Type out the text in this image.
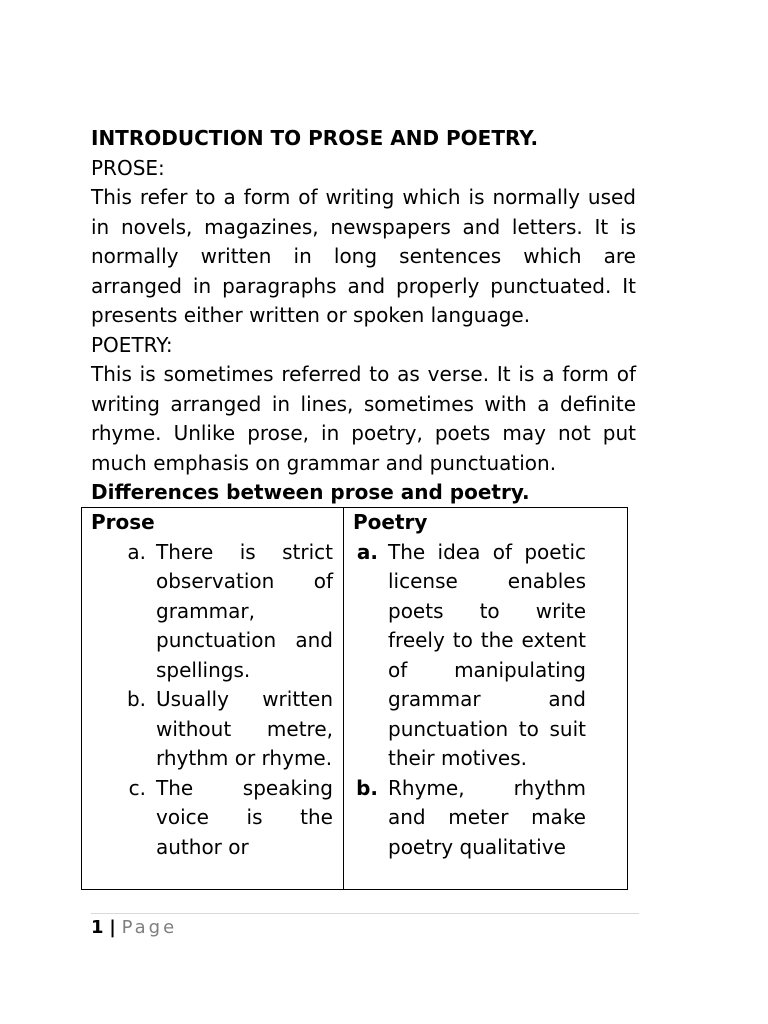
INTRODUCTION TO PROSE AND POETRY.

PROSE:

This refer to a form of writing which is normally used in novels, magazines, newspapers and letters. It is normally written in long sentences which are arranged in paragraphs and properly punctuated. It presents either written or spoken language.

POETRY:

This is sometimes referred to as verse. It is a form of writing arranged in lines, sometimes with a definite rhyme. Unlike prose, in poetry, poets may not put much emphasis on grammar and punctuation.

Differences between prose and poetry.

Prose
a. There is strict observation of grammar, punctuation and spellings.
b. Usually written without metre, rhythm or rhyme.
c. The speaking voice is the author or
Poetry
a. The idea of poetic license enables poets to write freely to the extent of manipulating grammar and punctuation to suit their motives.
b. Rhyme, rhythm and meter make poetry qualitative
1 | Page
